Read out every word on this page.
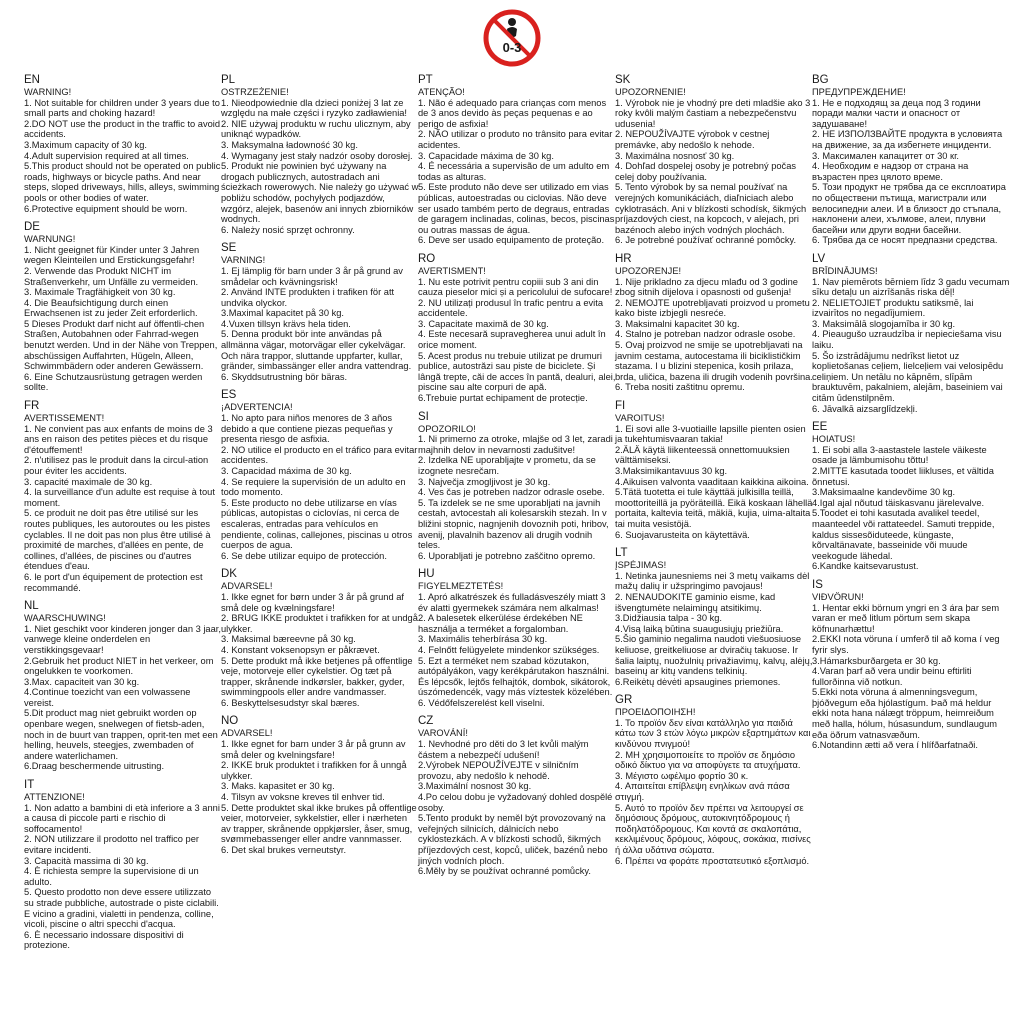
0-3
EN
WARNING!
1. Not suitable for children under 3 years due to small parts and choking hazard!
2.DO NOT use the product in the traffic to avoid accidents.
3.Maximum capacity of 30 kg.
4.Adult supervision required at all times.
5.This product should not be operated on public roads, highways or bicycle paths. And near steps, sloped driveways, hills, alleys, swimming pools or other bodies of water.
6.Protective equipment should be worn.
DE
WARNUNG!
1. Nicht geeignet für Kinder unter 3 Jahren wegen Kleinteilen und Erstickungsgefahr!
2. Verwende das Produkt NICHT im Straßenverkehr, um Unfälle zu vermeiden.
3. Maximale Tragfähigkeit von 30 kg.
4. Die Beaufsichtigung durch einen Erwachsenen ist zu jeder Zeit erforderlich.
5 Dieses Produkt darf nicht auf öffentli-chen Straßen, Autobahnen oder Fahrrad-wegen benutzt werden. Und in der Nähe von Treppen, abschüssigen Auffahrten, Hügeln, Alleen, Schwimmbädern oder anderen Gewässern.
6. Eine Schutzausrüstung getragen werden sollte.
FR
AVERTISSEMENT!
1. Ne convient pas aux enfants de moins de 3 ans en raison des petites pièces et du risque d'étouffement!
2. n'utilisez pas le produit dans la circul-ation pour éviter les accidents.
3. capacité maximale de 30 kg.
4. la surveillance d'un adulte est requise à tout moment.
5. ce produit ne doit pas être utilisé sur les routes publiques, les autoroutes ou les pistes cyclables. Il ne doit pas non plus être utilisé à proximité de marches, d'allées en pente, de collines, d'allées, de piscines ou d'autres étendues d'eau.
6. le port d'un équipement de protection est recommandé.
NL
WAARSCHUWING!
1. Niet geschikt voor kinderen jonger dan 3 jaar, vanwege kleine onderdelen en verstikkingsgevaar!
2.Gebruik het product NIET in het verkeer, om ongelukken te voorkomen.
3.Max. capaciteit van 30 kg.
4.Continue toezicht van een volwassene vereist.
5.Dit product mag niet gebruikt worden op openbare wegen, snelwegen of fietsb-aden, noch in de buurt van trappen, oprit-ten met een helling, heuvels, steegjes, zwembaden of andere waterlichamen.
6.Draag beschermende uitrusting.
IT
ATTENZIONE!
1. Non adatto a bambini di età inferiore a 3 anni a causa di piccole parti e rischio di soffocamento!
2. NON utilizzare il prodotto nel traffico per evitare incidenti.
3. Capacità massima di 30 kg.
4. È richiesta sempre la supervisione di un adulto.
5. Questo prodotto non deve essere utilizzato su strade pubbliche, autostrade o piste ciclabili. E vicino a gradini, vialetti in pendenza, colline, vicoli, piscine o altri specchi d'acqua.
6. È necessario indossare dispositivi di protezione.
PL
OSTRZEŻENIE!
1. Nieodpowiednie dla dzieci poniżej 3 lat ze względu na małe części i ryzyko zadławienia!
2. NIE używaj produktu w ruchu ulicznym, aby uniknąć wypadków.
3. Maksymalna ładowność 30 kg.
4. Wymagany jest stały nadzór osoby dorosłej.
5. Produkt nie powinien być używany na drogach publicznych, autostradach ani ścieżkach rowerowych. Nie należy go używać w pobliżu schodów, pochyłych podjazdów, wzgórz, alejek, basenów ani innych zbiorników wodnych.
6. Należy nosić sprzęt ochronny.
SE
VARNING!
1. Ej lämplig för barn under 3 år på grund av smådelar och kvävningsrisk!
2. Använd INTE produkten i trafiken för att undvika olyckor.
3.Maximal kapacitet på 30 kg.
4.Vuxen tillsyn krävs hela tiden.
5. Denna produkt bör inte användas på allmänna vägar, motorvägar eller cykelvägar. Och nära trappor, sluttande uppfarter, kullar, gränder, simbassänger eller andra vattendrag.
6. Skyddsutrustning bör bäras.
ES
¡ADVERTENCIA!
1. No apto para niños menores de 3 años debido a que contiene piezas pequeñas y presenta riesgo de asfixia.
2. NO utilice el producto en el tráfico para evitar accidentes.
3. Capacidad máxima de 30 kg.
4. Se requiere la supervisión de un adulto en todo momento.
5. Este producto no debe utilizarse en vías públicas, autopistas o ciclovías, ni cerca de escaleras, entradas para vehículos en pendiente, colinas, callejones, piscinas u otros cuerpos de agua.
6. Se debe utilizar equipo de protección.
DK
ADVARSEL!
1. Ikke egnet for børn under 3 år på grund af små dele og kvælningsfare!
2. BRUG IKKE produktet i trafikken for at undgå ulykker.
3. Maksimal bæreevne på 30 kg.
4. Konstant voksenopsyn er påkrævet.
5. Dette produkt må ikke betjenes på offentlige veje, motorveje eller cykelstier. Og tæt på trapper, skrånende indkørsler, bakker, gyder, swimmingpools eller andre vandmasser.
6. Beskyttelsesudstyr skal bæres.
NO
ADVARSEL!
1. Ikke egnet for barn under 3 år på grunn av små deler og kvelningsfare!
2. IKKE bruk produktet i trafikken for å unngå ulykker.
3. Maks. kapasitet er 30 kg.
4. Tilsyn av voksne kreves til enhver tid.
5. Dette produktet skal ikke brukes på offentlige veier, motorveier, sykkelstier, eller i nærheten av trapper, skrånende oppkjørsler, åser, smug, svømmebassenger eller andre vannmasser.
6. Det skal brukes verneutstyr.
PT
ATENÇÃO!
1. Não é adequado para crianças com menos de 3 anos devido às peças pequenas e ao perigo de asfixia!
2. NÃO utilizar o produto no trânsito para evitar acidentes.
3. Capacidade máxima de 30 kg.
4. É necessária a supervisão de um adulto em todas as alturas.
5. Este produto não deve ser utilizado em vias públicas, autoestradas ou ciclovias. Não deve ser usado também perto de degraus, entradas de garagem inclinadas, colinas, becos, piscinas ou outras massas de água.
6. Deve ser usado equipamento de proteção.
RO
AVERTISMENT!
1. Nu este potrivit pentru copiii sub 3 ani din cauza pieselor mici și a pericolului de sufocare!
2. NU utilizați produsul în trafic pentru a evita accidentele.
3. Capacitate maximă de 30 kg.
4. Este necesară supravegherea unui adult în orice moment.
5. Acest produs nu trebuie utilizat pe drumuri publice, autostrăzi sau piste de biciclete. Și lângă trepte, căi de acces în pantă, dealuri, alei, piscine sau alte corpuri de apă.
6.Trebuie purtat echipament de protecție.
SI
OPOZORILO!
1. Ni primerno za otroke, mlajše od 3 let, zaradi majhnih delov in nevarnosti zadušitve!
2. Izdelka NE uporabljajte v prometu, da se izognete nesrečam.
3. Največja zmogljivost je 30 kg.
4. Ves čas je potreben nadzor odrasle osebe.
5. Ta izdelek se ne sme uporabljati na javnih cestah, avtocestah ali kolesarskih stezah. In v bližini stopnic, nagnjenih dovoznih poti, hribov, avenij, plavalnih bazenov ali drugih vodnih teles.
6. Uporabljati je potrebno zaščitno opremo.
HU
FIGYELMEZTETÉS!
1. Apró alkatrészek és fulladásveszély miatt 3 év alatti gyermekek számára nem alkalmas!
2. A balesetek elkerülése érdekében NE használja a terméket a forgalomban.
3. Maximális teherbírása 30 kg.
4. Felnőtt felügyelete mindenkor szükséges.
5. Ezt a terméket nem szabad közutakon, autópályákon, vagy kerékpárutakon használni. És lépcsők, lejtős felhajtók, dombok, sikátorok, úszómedencék, vagy más víztestek közelében.
6. Védőfelszerelést kell viselni.
CZ
VAROVÁNÍ!
1. Nevhodné pro děti do 3 let kvůli malým částem a nebezpečí udušení!
2.Výrobek NEPOUŽÍVEJTE v silničním provozu, aby nedošlo k nehodě.
3.Maximální nosnost 30 kg.
4.Po celou dobu je vyžadovaný dohled dospělé osoby.
5.Tento produkt by neměl být provozovaný na veřejných silnicích, dálnicích nebo cyklostezkách. A v blízkosti schodů, šikmých příjezdových cest, kopců, uliček, bazénů nebo jiných vodních ploch.
6.Měly by se používat ochranné pomůcky.
SK
UPOZORNENIE!
1. Výrobok nie je vhodný pre deti mladšie ako 3 roky kvôli malým častiam a nebezpečenstvu udusenia!
2. NEPOUŽÍVAJTE výrobok v cestnej premávke, aby nedošlo k nehode.
3. Maximálna nosnosť 30 kg.
4. Dohľad dospelej osoby je potrebný počas celej doby používania.
5. Tento výrobok by sa nemal používať na verejných komunikáciách, diaľniciach alebo cyklotrasách. Ani v blízkosti schodísk, šikmých príjazdových ciest, na kopcoch, v alejach, pri bazénoch alebo iných vodných plochách.
6. Je potrebné používať ochranné pomôcky.
HR
UPOZORENJE!
1. Nije prikladno za djecu mlađu od 3 godine zbog sitnih dijelova i opasnosti od gušenja!
2. NEMOJTE upotrebljavati proizvod u prometu kako biste izbjegli nesreće.
3. Maksimalni kapacitet 30 kg.
4. Stalno je potreban nadzor odrasle osobe.
5. Ovaj proizvod ne smije se upotrebljavati na javnim cestama, autocestama ili biciklističkim stazama. I u blizini stepenica, kosih prilaza, brda, uličica, bazena ili drugih vodenih površina.
6. Treba nositi zaštitnu opremu.
FI
VAROITUS!
1. Ei sovi alle 3-vuotiaille lapsille pienten osien ja tukehtumisvaaran takia!
2.ÄLÄ käytä liikenteessä onnettomuuksien välttämiseksi.
3.Maksimikantavuus 30 kg.
4.Aikuisen valvonta vaaditaan kaikkina aikoina.
5.Tätä tuotetta ei tule käyttää julkisilla teillä, moottoriteillä ja pyöräteillä. Eikä koskaan lähellä portaita, kaltevia teitä, mäkiä, kujia, uima-altaita tai muita vesistöjä.
6. Suojavarusteita on käytettävä.
LT
ĮSPĖJIMAS!
1. Netinka jaunesniems nei 3 metų vaikams dėl mažų dalių ir užspringimo pavojaus!
2. NENAUDOKITE gaminio eisme, kad išvengtumėte nelaimingų atsitikimų.
3.Didžiausia talpa - 30 kg.
4.Visą laiką būtina suaugusiųjų priežiūra.
5.Šio gaminio negalima naudoti viešuosiuose keliuose, greitkeliuose ar dviračių takuose. Ir šalia laiptų, nuožulnių privažiavimų, kalvų, alėjų, baseinų ar kitų vandens telkinių.
6.Reikėtų dėvėti apsaugines priemones.
GR
ΠΡΟΕΙΔΟΠΟΙΗΣΗ!
1. Το προϊόν δεν είναι κατάλληλο για παιδιά κάτω των 3 ετών λόγω μικρών εξαρτημάτων και κινδύνου πνιγμού!
2. ΜΗ χρησιμοποιείτε το προϊόν σε δημόσιο οδικό δίκτυο για να αποφύγετε τα ατυχήματα.
3. Μέγιστο ωφέλιμο φορτίο 30 κ.
4. Απαιτείται επίβλεψη ενηλίκων ανά πάσα στιγμή.
5. Αυτό το προϊόν δεν πρέπει να λειτουργεί σε δημόσιους δρόμους, αυτοκινητόδρομους ή ποδηλατόδρομους. Και κοντά σε σκαλοπάτια, κεκλιμένους δρόμους, λόφους, σοκάκια, πισίνες ή άλλα υδάτινα σώματα.
6. Πρέπει να φοράτε προστατευτικό εξοπλισμό.
BG
ПРЕДУПРЕЖДЕНИЕ!
1. Не е подходящ за деца под 3 години поради малки части и опасност от задушаване!
2. НЕ ИЗПОЛЗВАЙТЕ продукта в условията на движение, за да избегнете инциденти.
3. Максимален капацитет от 30 кг.
4. Необходим е надзор от страна на възрастен през цялото време.
5. Този продукт не трябва да се експлоатира по обществени пътища, магистрали или велосипедни алеи. И в близост до стъпала, наклонени алеи, хълмове, алеи, плувни басейни или други водни басейни.
6. Трябва да се носят предпазни средства.
LV
BRĪDINĀJUMS!
1. Nav piemērots bērniem līdz 3 gadu vecumam sīku detaļu un aizrīšanās riska dēļ!
2. NELIETOJIET produktu satiksmē, lai izvairītos no negadījumiem.
3. Maksimālā slogojamība ir 30 kg.
4. Pieaugušo uzraudzība ir nepieciešama visu laiku.
5. Šo izstrādājumu nedrīkst lietot uz koplietošanas ceļiem, lielceļiem vai velosipēdu celiņiem. Un netālu no kāpnēm, slīpām brauktuvēm, pakalniem, alejām, baseiniem vai citām ūdenstilpnēm.
6. Jāvalkā aizsarglīdzekļi.
EE
HOIATUS!
1. Ei sobi alla 3-aastastele lastele väikeste osade ja lämbumisohu tõttu!
2.MITTE kasutada toodet liikluses, et vältida õnnetusi.
3.Maksimaalne kandevõime 30 kg.
4.Igal ajal nõutud täiskasvanu järelevalve.
5.Toodet ei tohi kasutada avalikel teedel, maanteedel või rattateedel. Samuti treppide, kaldus sissesõiduteede, küngaste, kõrvaltänavate, basseinide või muude veekogude lähedal.
6.Kandke kaitsevarustust.
IS
VIÐVÖRUN!
1. Hentar ekki börnum yngri en 3 ára þar sem varan er með litlum pörtum sem skapa köfnunarhættu!
2.EKKI nota vöruna í umferð til að koma í veg fyrir slys.
3.Hámarksburðargeta er 30 kg.
4.Varan þarf að vera undir beinu eftirliti fullorðinna við notkun.
5.Ekki nota vöruna á almenningsvegum, þjóðvegum eða hjólastígum. Það má heldur ekki nota hana nálægt tröppum, heimreiðum með halla, hólum, húsasundum, sundlaugum eða öðrum vatnasvæðum.
6.Notandinn ætti að vera í hlífðarfatnaði.
